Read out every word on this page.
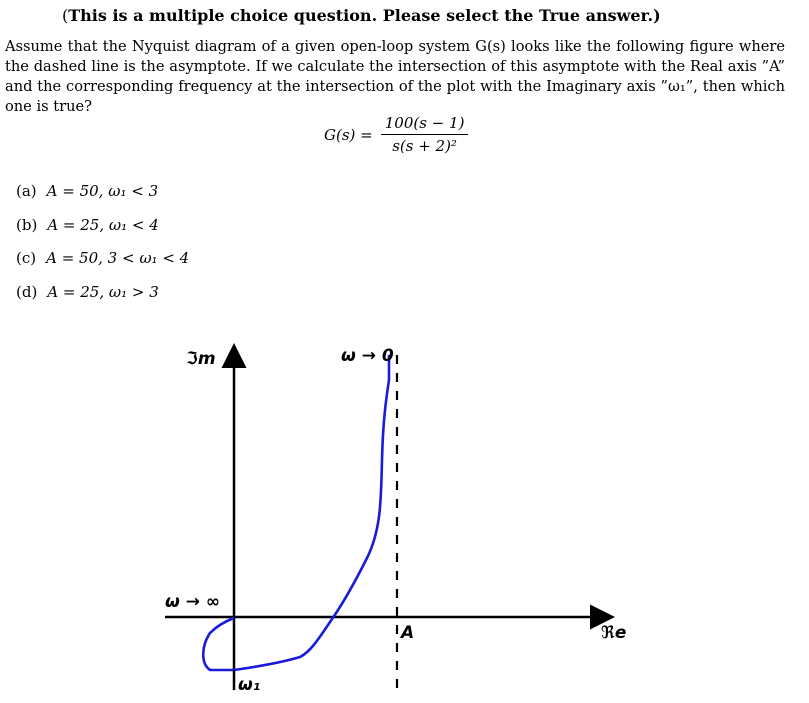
(This is a multiple choice question. Please select the True answer.)
Assume that the Nyquist diagram of a given open-loop system G(s) looks like the following figure where the dashed line is the asymptote. If we calculate the intersection of this asymptote with the Real axis ”A” and the corresponding frequency at the intersection of the plot with the Imaginary axis ”ω₁”, then which one is true?
$G(s) = \frac{100(s - 1)}{\text{s(s + 2)²}}$
(a) A = 50, ω₁ < 3
(b) A = 25, ω₁ < 4
(c) A = 50, 3 < ω₁ < 4
(d) A = 25, ω₁ > 3
ℑm
ℜe
ω → 0
ω → ∞
A
ω₁
